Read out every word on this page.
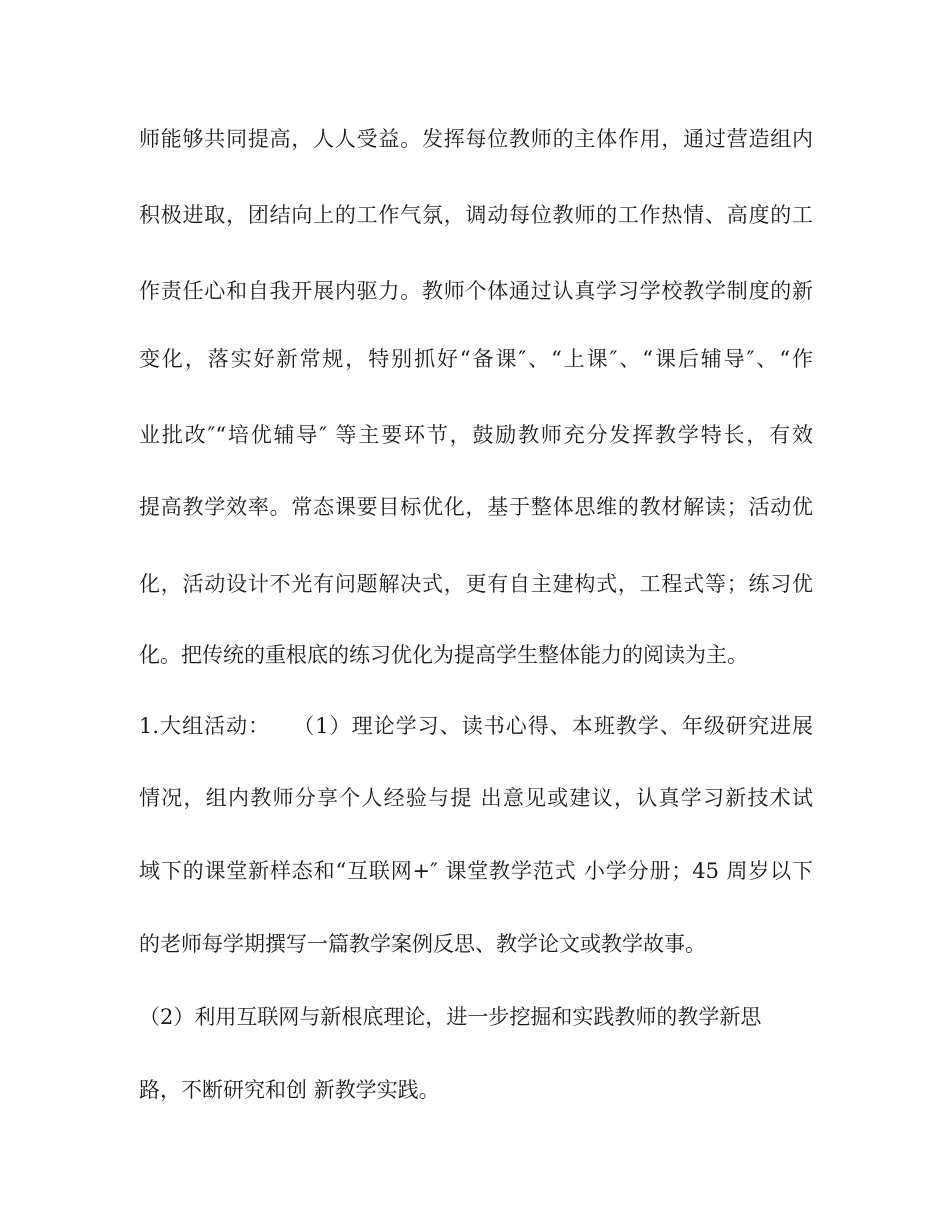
师能够共同提高，人人受益。发挥每位教师的主体作用，通过营造组内

积极进取，团结向上的工作气氛，调动每位教师的工作热情、高度的工

作责任心和自我开展内驱力。教师个体通过认真学习学校教学制度的新

变化，落实好新常规，特别抓好“备课″、“上课″、“课后辅导″、“作

业批改″“培优辅导″ 等主要环节，鼓励教师充分发挥教学特长，有效

提高教学效率。常态课要目标优化，基于整体思维的教材解读；活动优

化，活动设计不光有问题解决式，更有自主建构式，工程式等；练习优

化。把传统的重根底的练习优化为提高学生整体能力的阅读为主。

1.大组活动：　　（1）理论学习、读书心得、本班教学、年级研究进展

情况，组内教师分享个人经验与提 出意见或建议，认真学习新技术试

域下的课堂新样态和“互联网+″ 课堂教学范式 小学分册；45 周岁以下

的老师每学期撰写一篇教学案例反思、教学论文或教学故事。

（2）利用互联网与新根底理论，进一步挖掘和实践教师的教学新思

路，不断研究和创 新教学实践。
